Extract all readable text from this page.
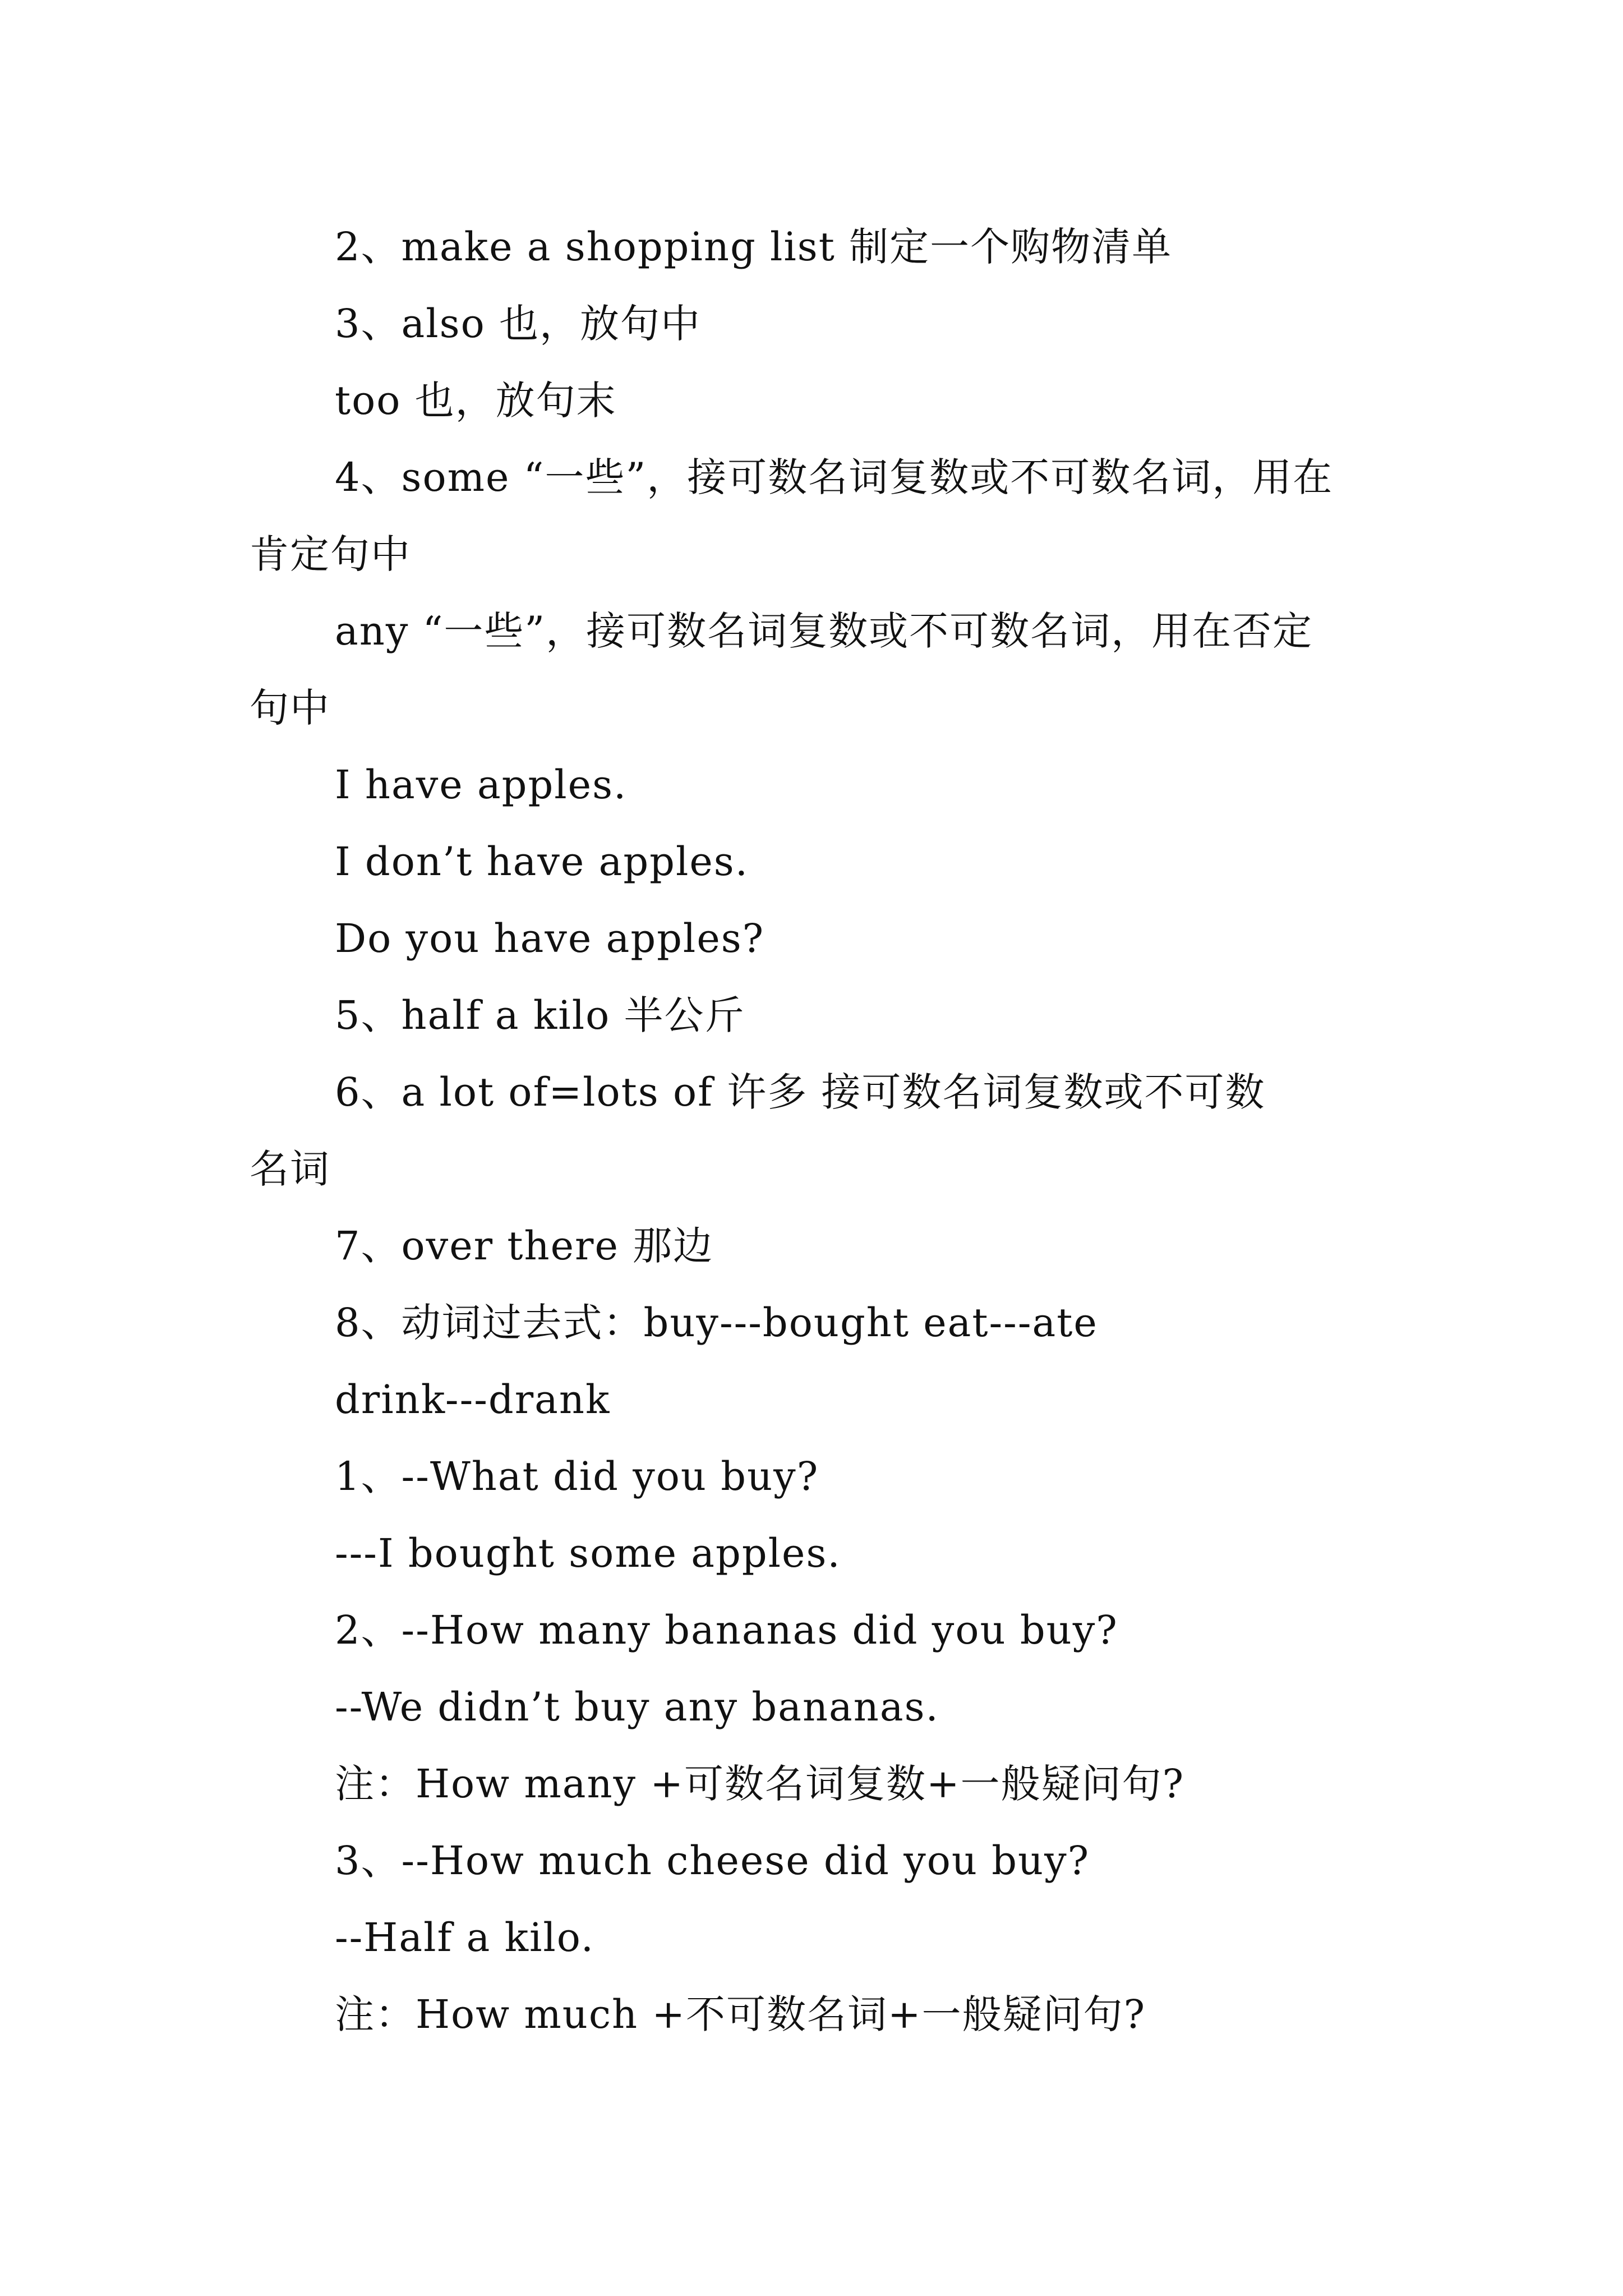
2、make a shopping list 制定一个购物清单
3、also 也，放句中
too 也，放句末
4、some “一些”，接可数名词复数或不可数名词，用在
肯定句中
any “一些”，接可数名词复数或不可数名词，用在否定
句中
I have apples.
I don’t have apples.
Do you have apples?
5、half a kilo 半公斤
6、a lot of=lots of 许多 接可数名词复数或不可数
名词
7、over there 那边
8、动词过去式：buy---bought eat---ate
drink---drank
1、--What did you buy?
---I bought some apples.
2、--How many bananas did you buy?
--We didn’t buy any bananas.
注：How many +可数名词复数+一般疑问句?
3、--How much cheese did you buy?
--Half a kilo.
注：How much +不可数名词+一般疑问句?
